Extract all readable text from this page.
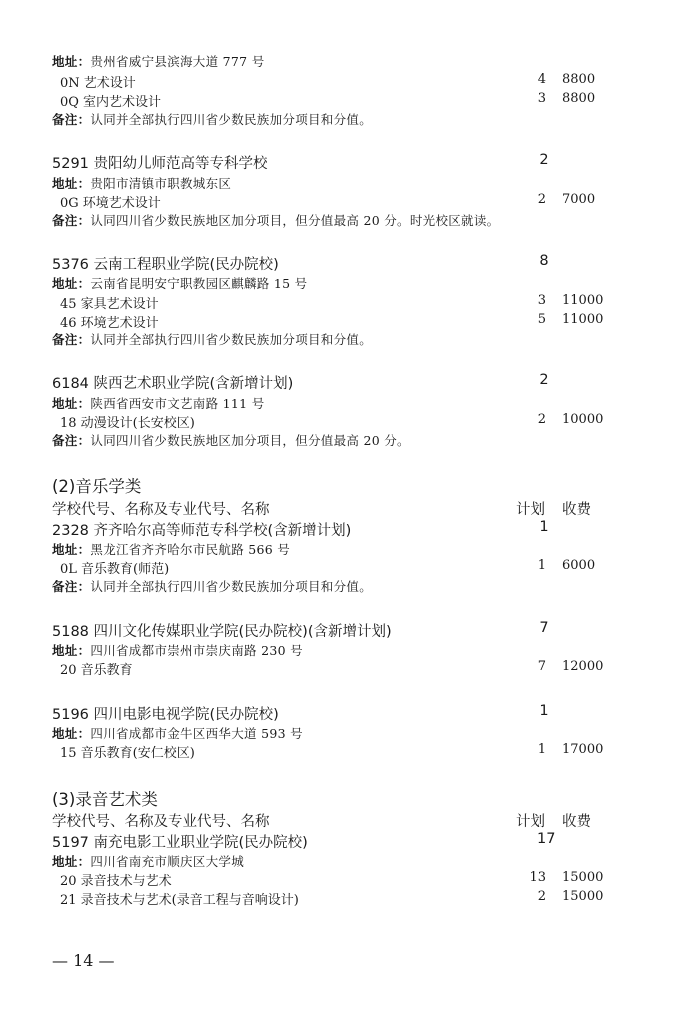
地址：贵州省威宁县滨海大道 777 号
0N 艺术设计	4 8800
0Q 室内艺术设计	3 8800
备注：认同并全部执行四川省少数民族加分项目和分值。
5291 贵阳幼儿师范高等专科学校	2
地址：贵阳市清镇市职教城东区
0G 环境艺术设计	2 7000
备注：认同四川省少数民族地区加分项目，但分值最高 20 分。时光校区就读。
5376 云南工程职业学院(民办院校)	8
地址：云南省昆明安宁职教园区麒麟路 15 号
45 家具艺术设计	3 11000
46 环境艺术设计	5 11000
备注：认同并全部执行四川省少数民族加分项目和分值。
6184 陕西艺术职业学院(含新增计划)	2
地址：陕西省西安市文艺南路 111 号
18 动漫设计(长安校区)	2 10000
备注：认同四川省少数民族地区加分项目，但分值最高 20 分。
(2)音乐学类
学校代号、名称及专业代号、名称	计划 收费
2328 齐齐哈尔高等师范专科学校(含新增计划)	1
地址：黑龙江省齐齐哈尔市民航路 566 号
0L 音乐教育(师范)	1 6000
备注：认同并全部执行四川省少数民族加分项目和分值。
5188 四川文化传媒职业学院(民办院校)(含新增计划)	7
地址：四川省成都市崇州市崇庆南路 230 号
20 音乐教育	7 12000
5196 四川电影电视学院(民办院校)	1
地址：四川省成都市金牛区西华大道 593 号
15 音乐教育(安仁校区)	1 17000
(3)录音艺术类
学校代号、名称及专业代号、名称	计划 收费
5197 南充电影工业职业学院(民办院校)	17
地址：四川省南充市顺庆区大学城
20 录音技术与艺术	13 15000
21 录音技术与艺术(录音工程与音响设计)	2 15000
— 14 —
